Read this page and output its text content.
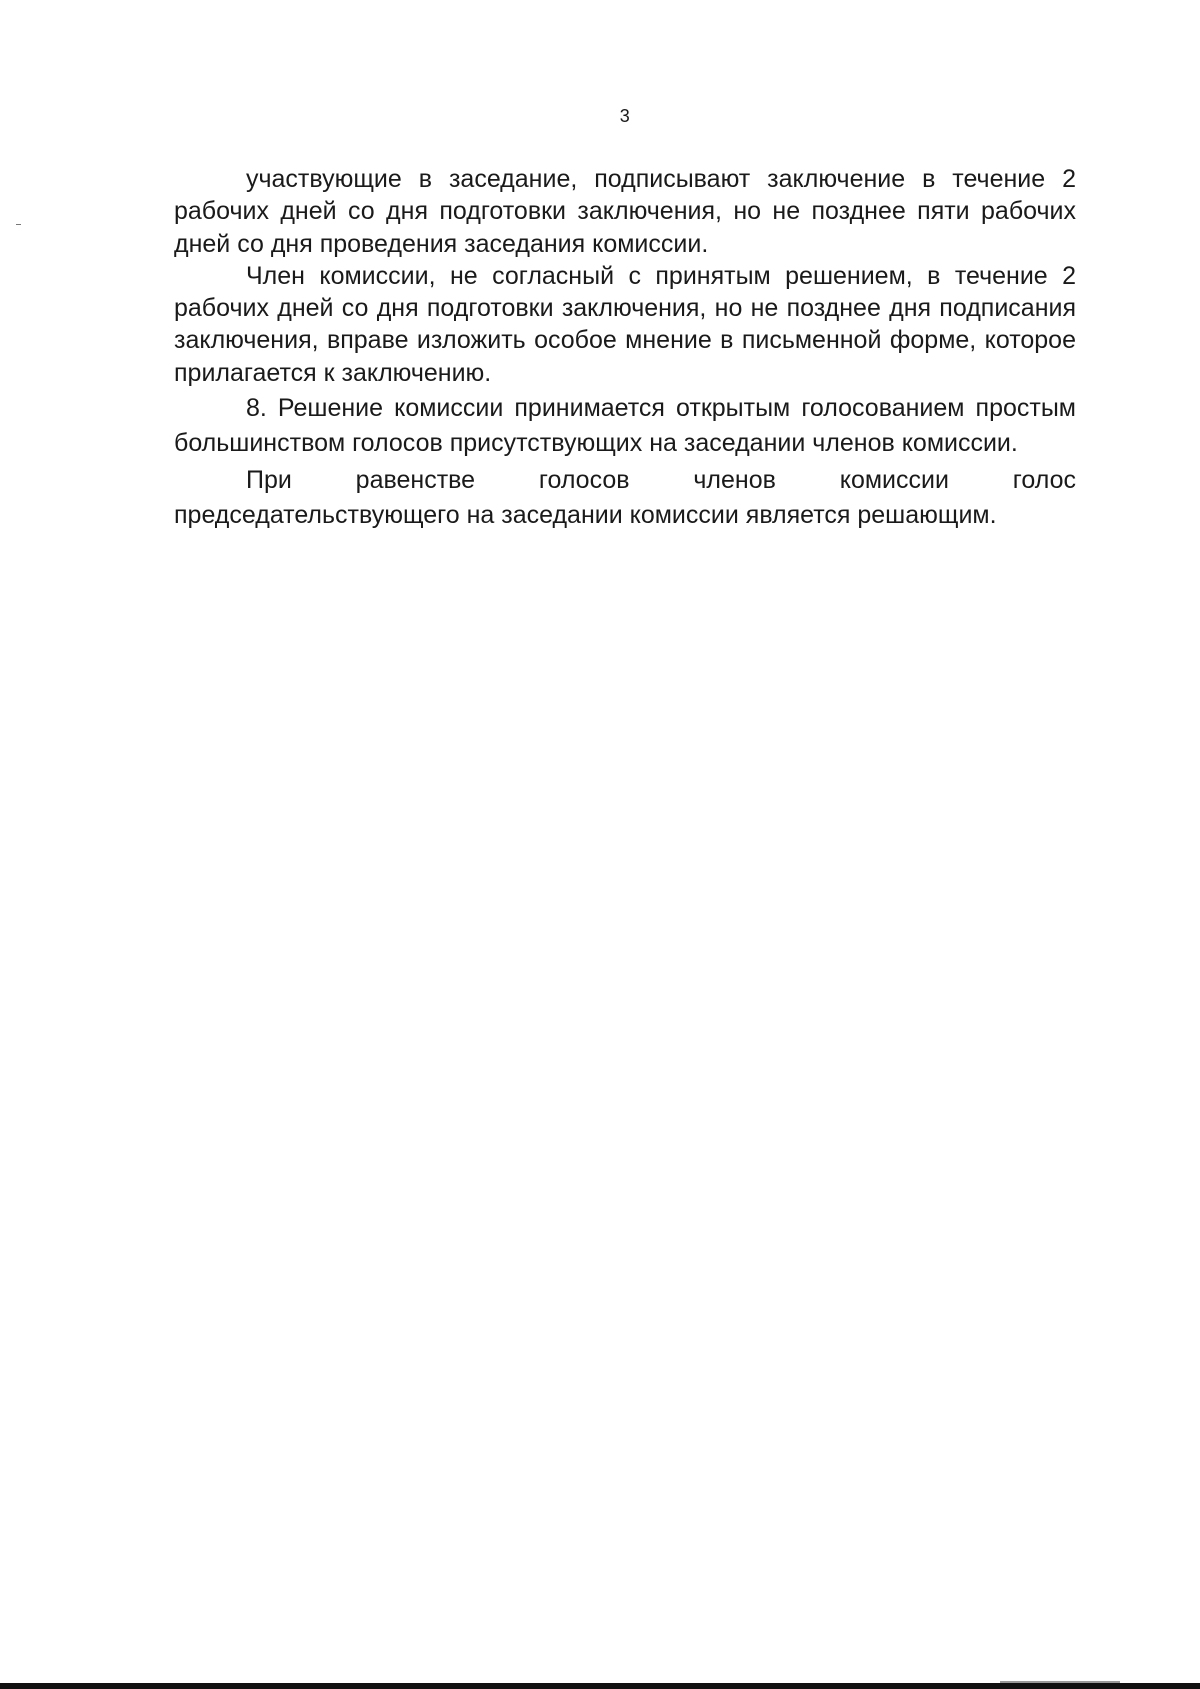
3

участвующие в заседание, подписывают заключение в течение 2 рабочих дней со дня подготовки заключения, но не позднее пяти рабочих дней со дня проведения заседания комиссии.

Член комиссии, не согласный с принятым решением, в течение 2 рабочих дней со дня подготовки заключения, но не позднее дня подписания заключения, вправе изложить особое мнение в письменной форме, которое прилагается к заключению.

8. Решение комиссии принимается открытым голосованием простым большинством голосов присутствующих на заседании членов комиссии.

При равенстве голосов членов комиссии голос председательствующего на заседании комиссии является решающим.
